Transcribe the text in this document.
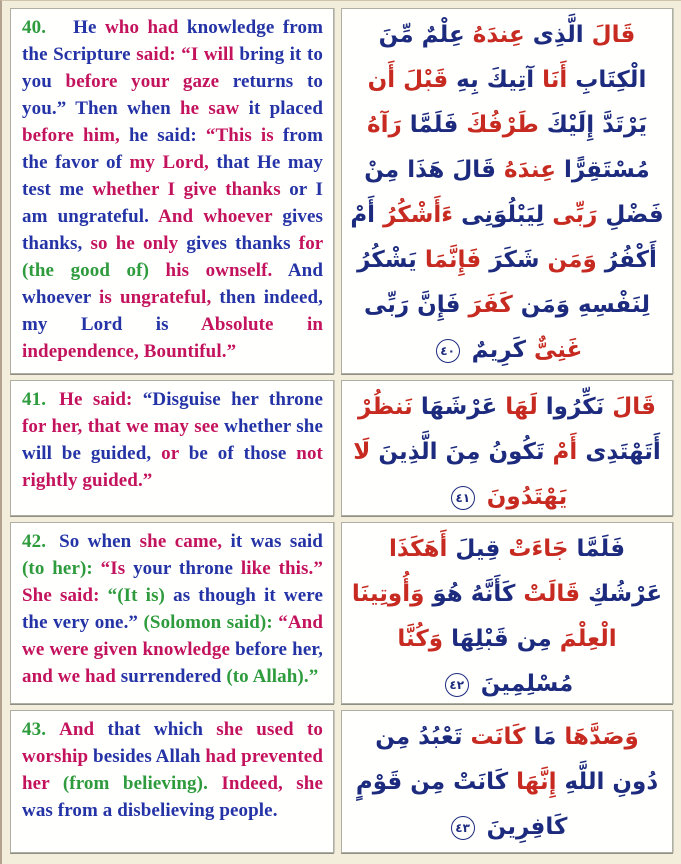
40. He who had knowledge from the Scripture said: “I will bring it to you before your gaze returns to you.” Then when he saw it placed before him, he said: “This is from the favor of my Lord, that He may test me whether I give thanks or I am ungrateful. And whoever gives thanks, so he only gives thanks for (the good of) his ownself. And whoever is ungrateful, then indeed, my Lord is Absolute in independence, Bountiful.”
قَالَ الَّذِى عِندَهُ عِلْمٌ مِّنَ الْكِتَابِ أَنَا آتِيكَ بِهِ قَبْلَ أَن يَرْتَدَّ إِلَيْكَ طَرْفُكَ فَلَمَّا رَآهُ مُسْتَقِرًّا عِندَهُ قَالَ هَذَا مِنْ فَضْلِ رَبِّى لِيَبْلُوَنِى ءَأَشْكُرُ أَمْ أَكْفُرُ وَمَن شَكَرَ فَإِنَّمَا يَشْكُرُ لِنَفْسِهِ وَمَن كَفَرَ فَإِنَّ رَبِّى غَنِىٌّ كَرِيمٌ ٤٠
41. He said: “Disguise her throne for her, that we may see whether she will be guided, or be of those not rightly guided.”
قَالَ نَكِّرُوا لَهَا عَرْشَهَا نَنظُرْ أَتَهْتَدِى أَمْ تَكُونُ مِنَ الَّذِينَ لَا يَهْتَدُونَ ٤١
42. So when she came, it was said (to her): “Is your throne like this.” She said: “(It is) as though it were the very one.” (Solomon said): “And we were given knowledge before her, and we had surrendered (to Allah).”
فَلَمَّا جَاءَتْ قِيلَ أَهَكَذَا عَرْشُكِ قَالَتْ كَأَنَّهُ هُوَ وَأُوتِينَا الْعِلْمَ مِن قَبْلِهَا وَكُنَّا مُسْلِمِينَ ٤٢
43. And that which she used to worship besides Allah had prevented her (from believing). Indeed, she was from a disbelieving people.
وَصَدَّهَا مَا كَانَت تَعْبُدُ مِن دُونِ اللَّهِ إِنَّهَا كَانَتْ مِن قَوْمٍ كَافِرِينَ ٤٣
